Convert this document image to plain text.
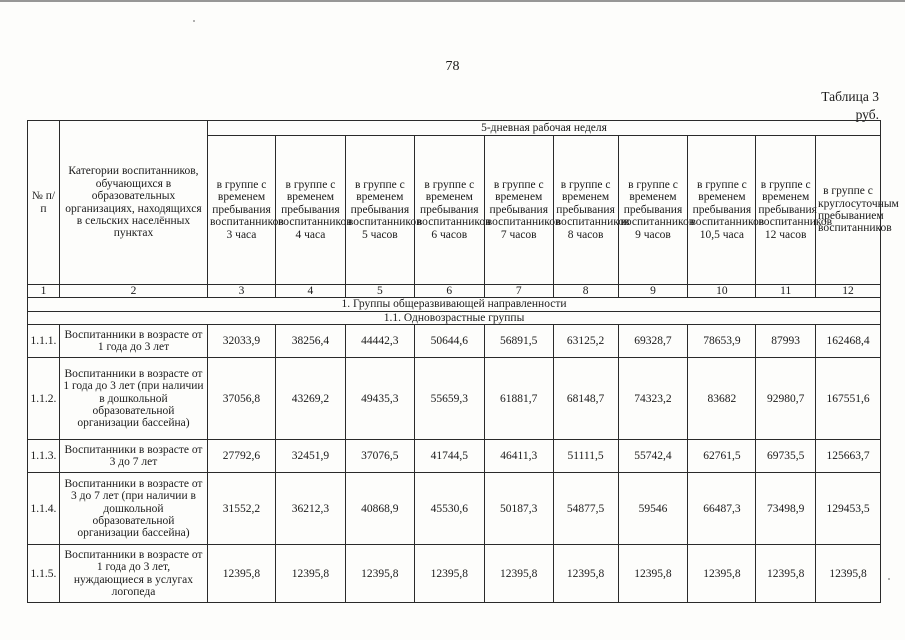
78
Таблица 3
руб.
№ п/п	Категории воспитанников, обучающихся в образовательных организациях, находящихся в сельских населённых пунктах	5-дневная рабочая неделя									
		в группе с временем пребывания воспитанников 3 часа	в группе с временем пребывания воспитанников 4 часа	в группе с временем пребывания воспитанников 5 часов	в группе с временем пребывания воспитанников 6 часов	в группе с временем пребывания воспитанников 7 часов	в группе с временем пребывания воспитанников 8 часов	в группе с временем пребывания воспитанников 9 часов	в группе с временем пребывания воспитанников 10,5 часа	в группе с временем пребывания воспитанников 12 часов	в группе с круглосуточным пребыванием воспитанников
1	2	3	4	5	6	7	8	9	10	11	12
1. Группы общеразвивающей направленности											
1.1. Одновозрастные группы											
1.1.1.	Воспитанники в возрасте от 1 года до 3 лет	32033,9	38256,4	44442,3	50644,6	56891,5	63125,2	69328,7	78653,9	87993	162468,4
1.1.2.	Воспитанники в возрасте от 1 года до 3 лет (при наличии в дошкольной образовательной организации бассейна)	37056,8	43269,2	49435,3	55659,3	61881,7	68148,7	74323,2	83682	92980,7	167551,6
1.1.3.	Воспитанники в возрасте от 3 до 7 лет	27792,6	32451,9	37076,5	41744,5	46411,3	51111,5	55742,4	62761,5	69735,5	125663,7
1.1.4.	Воспитанники в возрасте от 3 до 7 лет (при наличии в дошкольной образовательной организации бассейна)	31552,2	36212,3	40868,9	45530,6	50187,3	54877,5	59546	66487,3	73498,9	129453,5
1.1.5.	Воспитанники в возрасте от 1 года до 3 лет, нуждающиеся в услугах логопеда	12395,8	12395,8	12395,8	12395,8	12395,8	12395,8	12395,8	12395,8	12395,8	12395,8
